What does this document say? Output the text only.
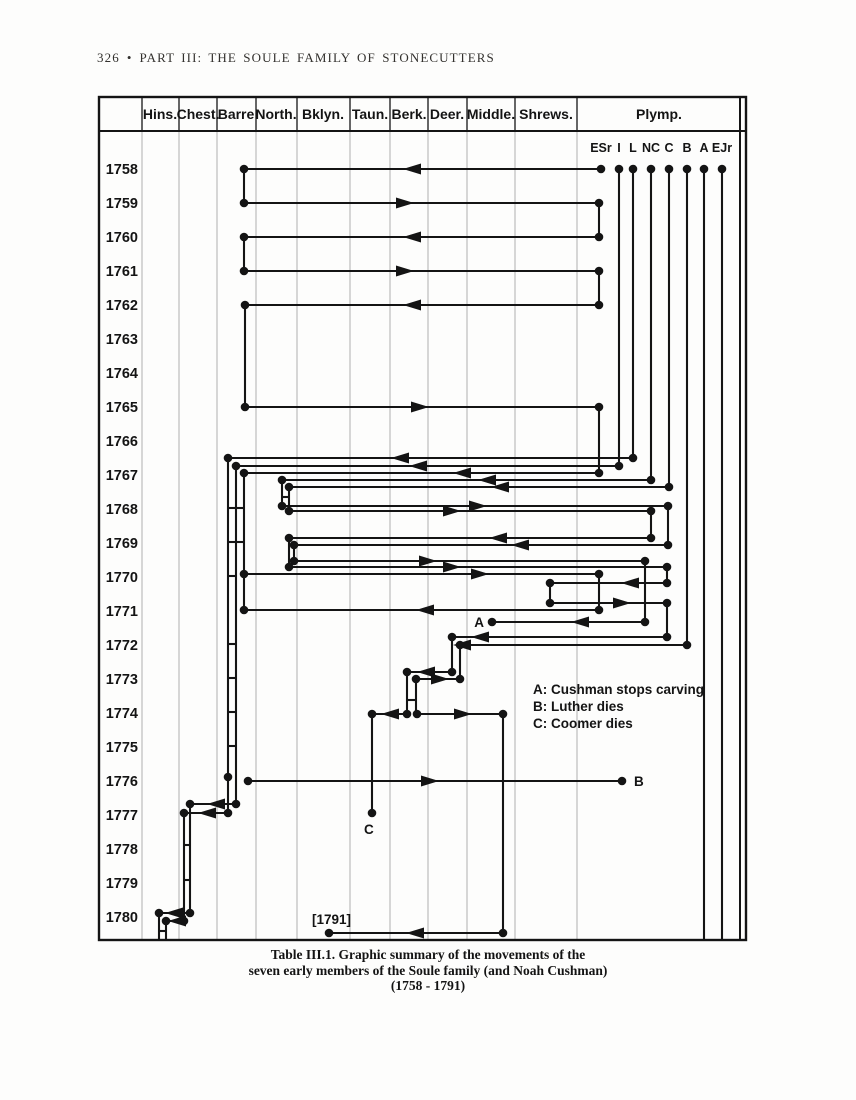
326 • PART III: THE SOULE FAMILY OF STONECUTTERS
Hins. Chest.
Barre North. Bklyn. Taun. Berk. Deer. Middle. Shrews.	Plymp.
1758
1759
1760
1761
1762
1763
1764
1765
1766
1767
1768
1769
1770
1771
1772
1773
1774
1775
1776
1777
1778
1779
1780
ESr I L NC C B A EJr
A
B
C
[1791]
A: Cushman stops carving
B: Luther dies
C: Coomer dies
Table III.1. Graphic summary of the movements of the
seven early members of the Soule family (and Noah Cushman)
(1758 - 1791)
